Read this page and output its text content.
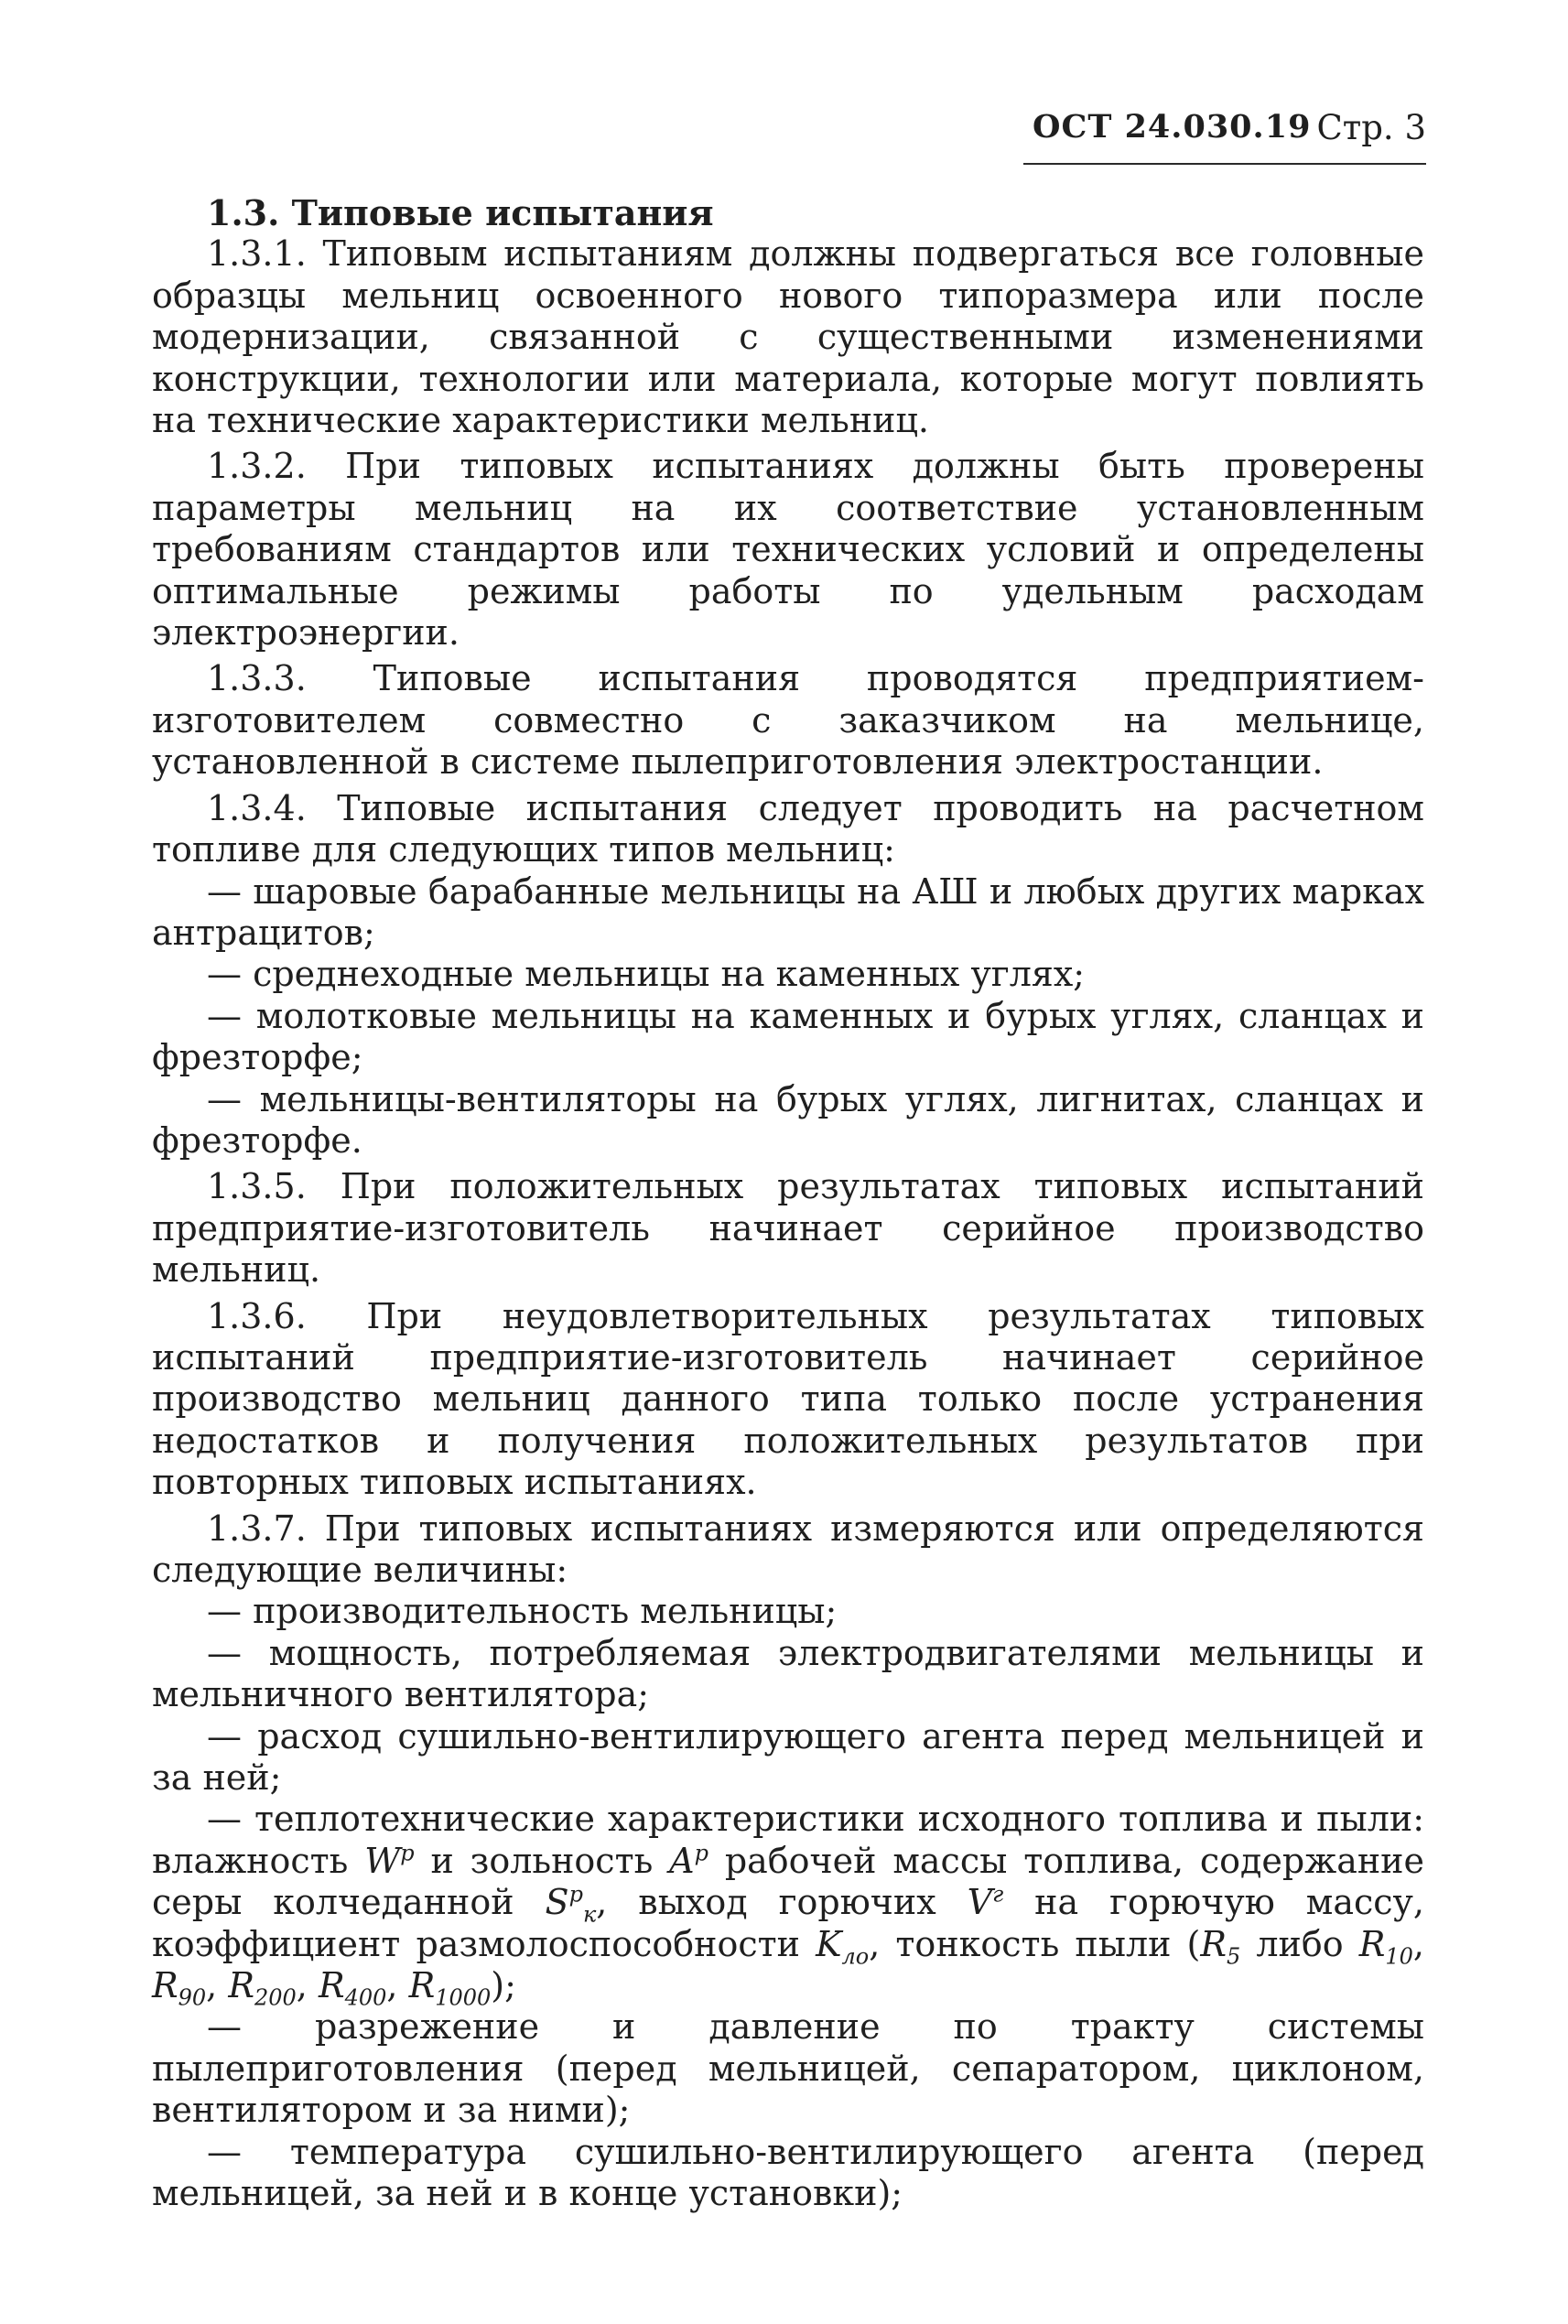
ОСТ 24.030.19 Стр. 3

1.3. Типовые испытания

1.3.1. Типовым испытаниям должны подвергаться все головные образцы мельниц освоенного нового типоразмера или после модернизации, связанной с существенными изменениями конструкции, технологии или материала, которые могут повлиять на технические характеристики мельниц.

1.3.2. При типовых испытаниях должны быть проверены параметры мельниц на их соответствие установленным требованиям стандартов или технических условий и определены оптимальные режимы работы по удельным расходам электроэнергии.

1.3.3. Типовые испытания проводятся предприятием-изготовителем совместно с заказчиком на мельнице, установленной в системе пылеприготовления электростанции.

1.3.4. Типовые испытания следует проводить на расчетном топливе для следующих типов мельниц:

— шаровые барабанные мельницы на АШ и любых других марках антрацитов;

— среднеходные мельницы на каменных углях;

— молотковые мельницы на каменных и бурых углях, сланцах и фрезторфе;

— мельницы-вентиляторы на бурых углях, лигнитах, сланцах и фрезторфе.

1.3.5. При положительных результатах типовых испытаний предприятие-изготовитель начинает серийное производство мельниц.

1.3.6. При неудовлетворительных результатах типовых испытаний предприятие-изготовитель начинает серийное производство мельниц данного типа только после устранения недостатков и получения положительных результатов при повторных типовых испытаниях.

1.3.7. При типовых испытаниях измеряются или определяются следующие величины:

— производительность мельницы;

— мощность, потребляемая электродвигателями мельницы и мельничного вентилятора;

— расход сушильно-вентилирующего агента перед мельницей и за ней;

— теплотехнические характеристики исходного топлива и пыли: влажность $W^р$ и зольность $A^р$ рабочей массы топлива, содержание серы колчеданной $S^р_к$, выход горючих $V^г$ на горючую массу, коэффициент размолоспособности $K_{ло}$, тонкость пыли ($R_5$ либо $R_{10}$, $R_{90}$, $R_{200}$, $R_{400}$, $R_{1000}$);

— разрежение и давление по тракту системы пылеприготовления (перед мельницей, сепаратором, циклоном, вентилятором и за ними);

— температура сушильно-вентилирующего агента (перед мельницей, за ней и в конце установки);
